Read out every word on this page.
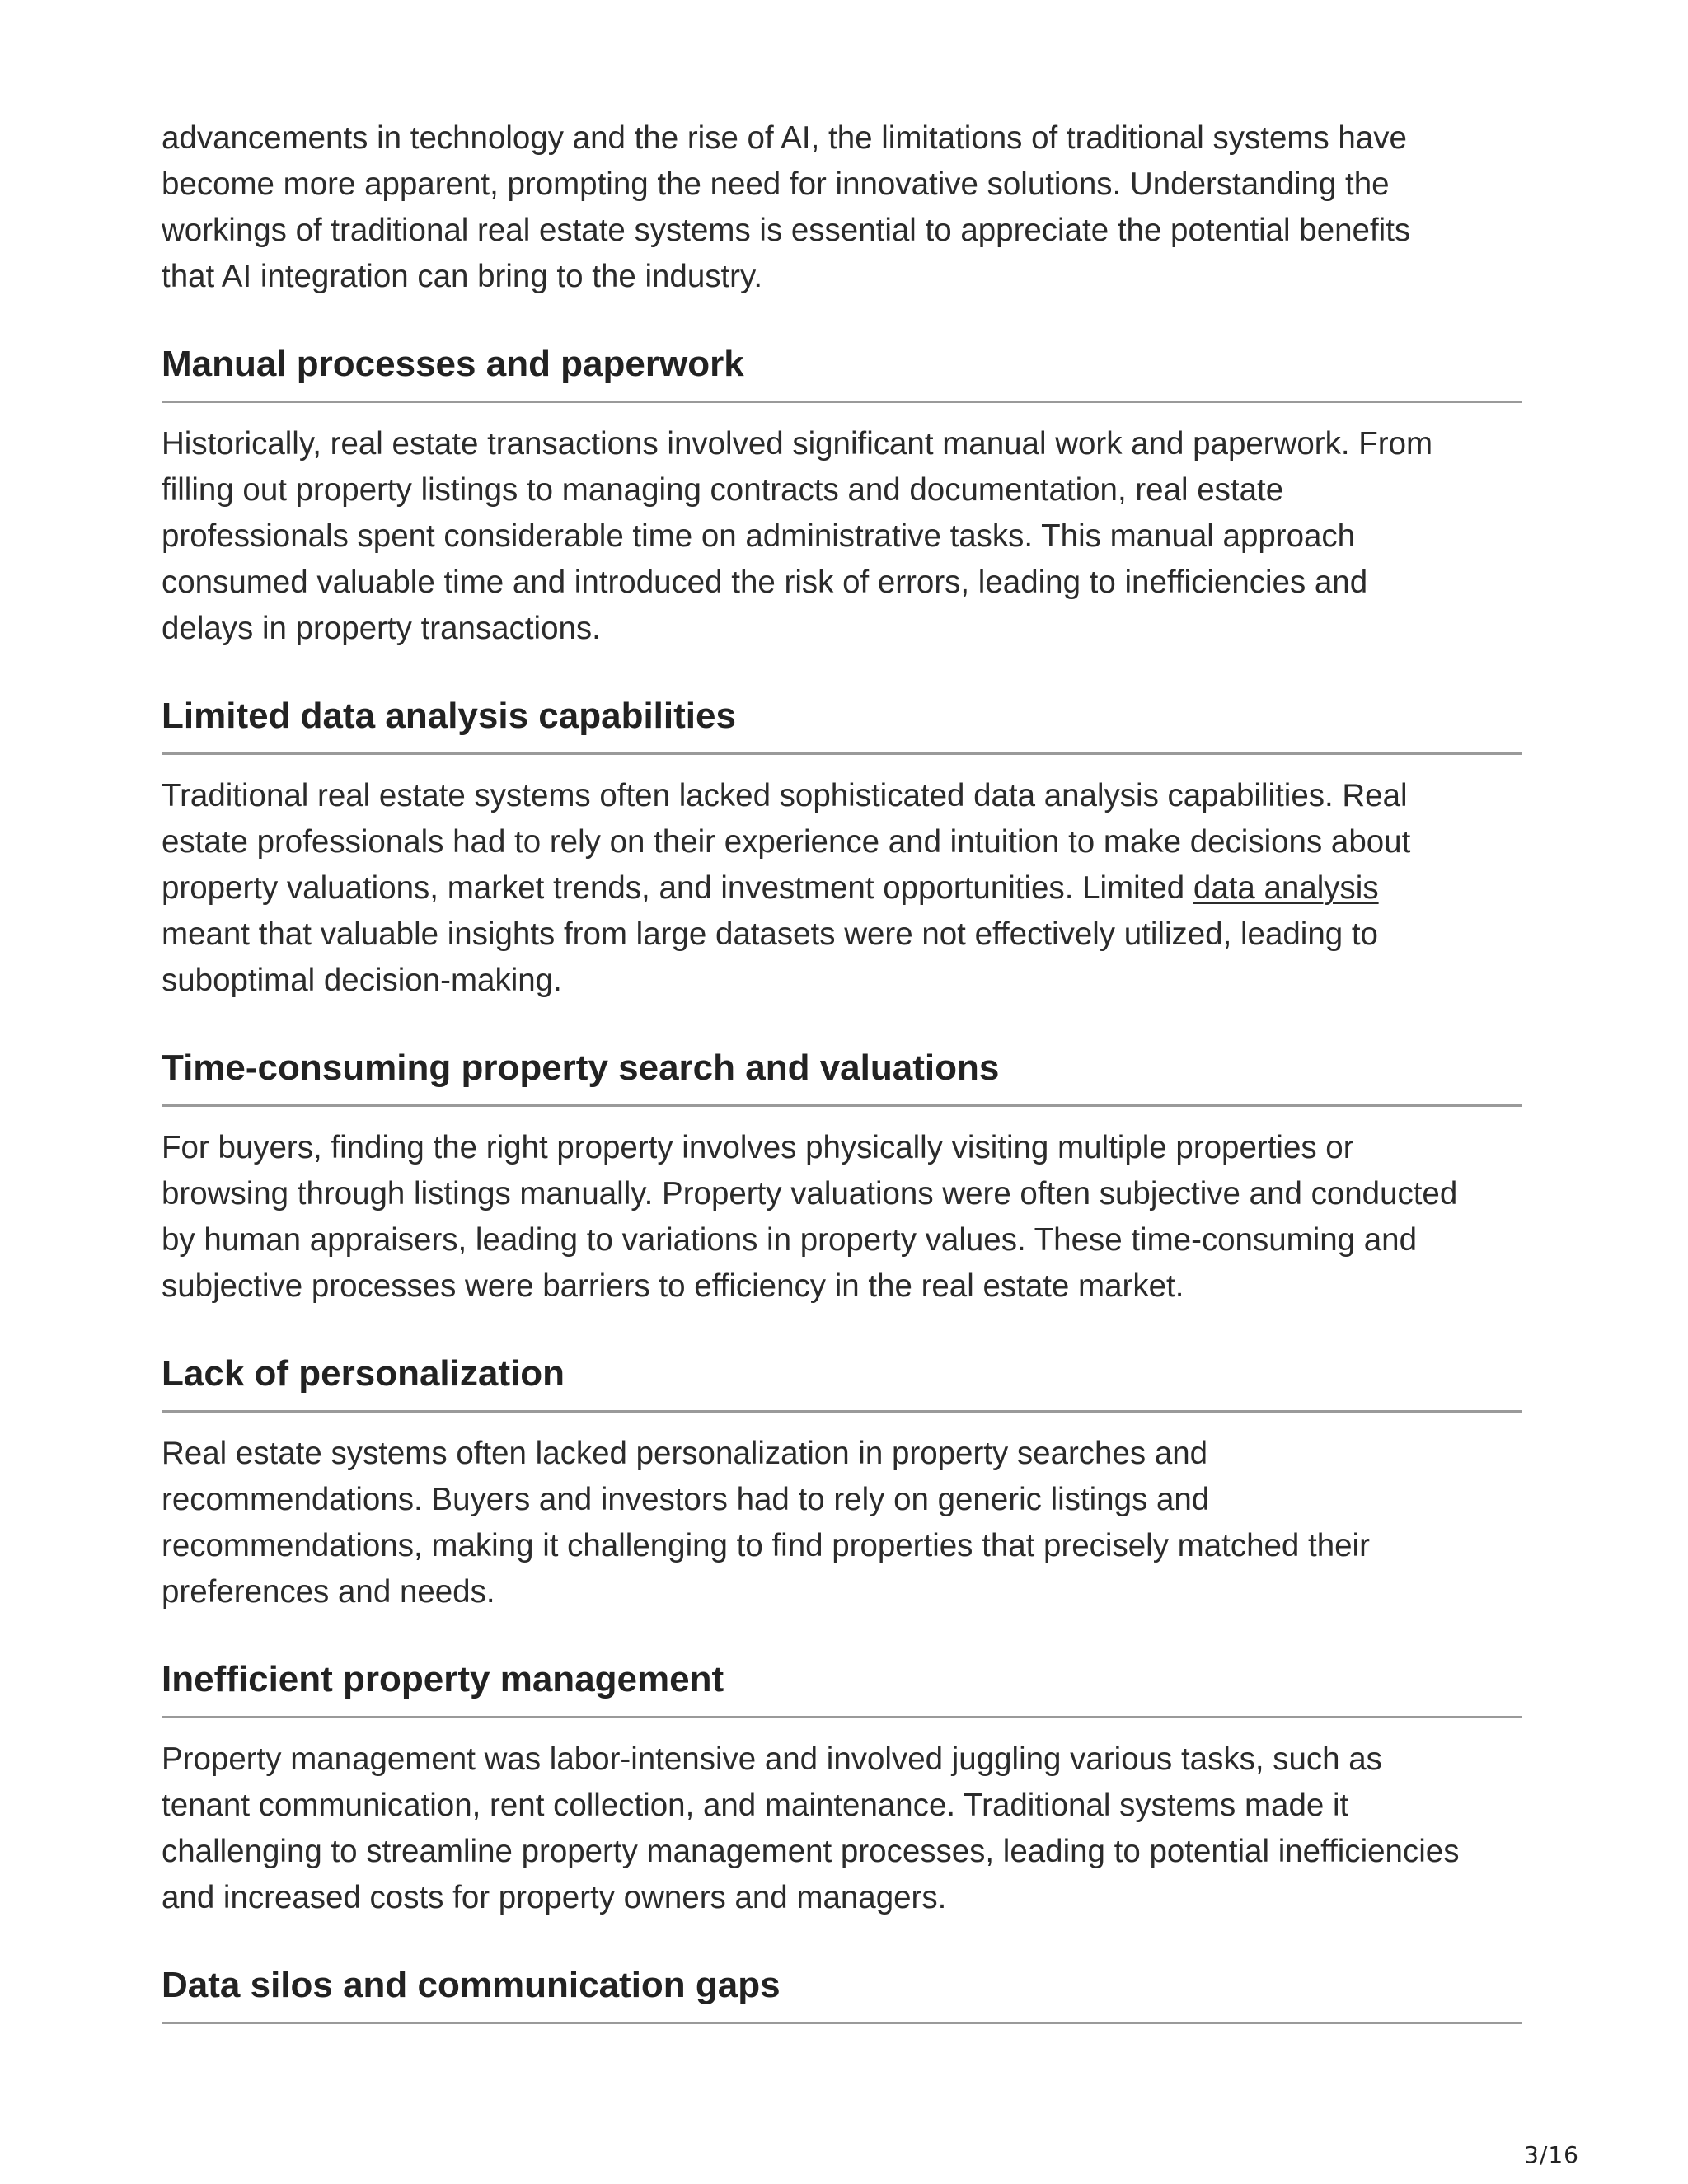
advancements in technology and the rise of AI, the limitations of traditional systems have
become more apparent, prompting the need for innovative solutions. Understanding the
workings of traditional real estate systems is essential to appreciate the potential benefits
that AI integration can bring to the industry.

Manual processes and paperwork

Historically, real estate transactions involved significant manual work and paperwork. From
filling out property listings to managing contracts and documentation, real estate
professionals spent considerable time on administrative tasks. This manual approach
consumed valuable time and introduced the risk of errors, leading to inefficiencies and
delays in property transactions.

Limited data analysis capabilities

Traditional real estate systems often lacked sophisticated data analysis capabilities. Real
estate professionals had to rely on their experience and intuition to make decisions about
property valuations, market trends, and investment opportunities. Limited data analysis
meant that valuable insights from large datasets were not effectively utilized, leading to
suboptimal decision-making.

Time-consuming property search and valuations

For buyers, finding the right property involves physically visiting multiple properties or
browsing through listings manually. Property valuations were often subjective and conducted
by human appraisers, leading to variations in property values. These time-consuming and
subjective processes were barriers to efficiency in the real estate market.

Lack of personalization

Real estate systems often lacked personalization in property searches and
recommendations. Buyers and investors had to rely on generic listings and
recommendations, making it challenging to find properties that precisely matched their
preferences and needs.

Inefficient property management

Property management was labor-intensive and involved juggling various tasks, such as
tenant communication, rent collection, and maintenance. Traditional systems made it
challenging to streamline property management processes, leading to potential inefficiencies
and increased costs for property owners and managers.

Data silos and communication gaps
3/16
